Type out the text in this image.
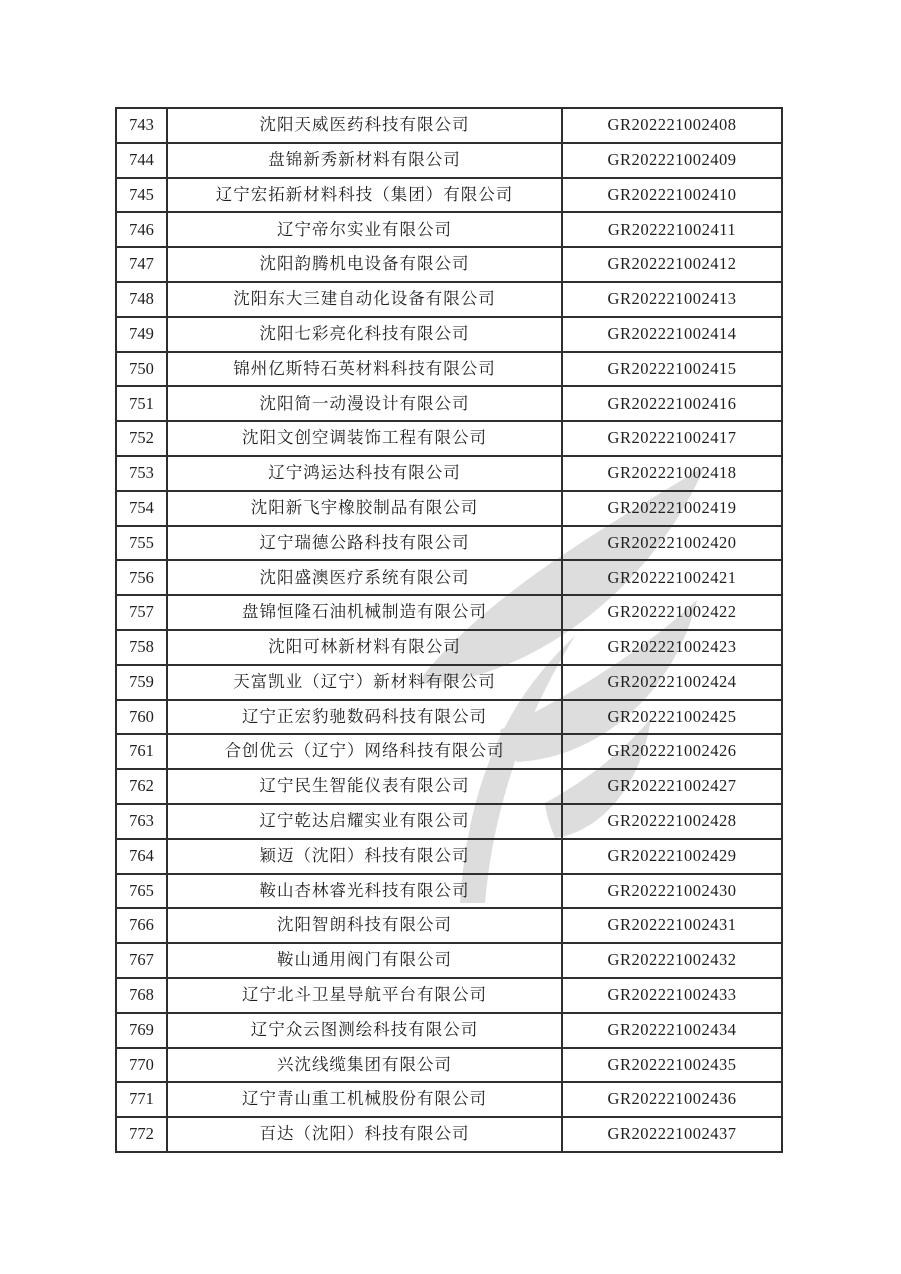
743	沈阳天威医药科技有限公司	GR202221002408
744	盘锦新秀新材料有限公司	GR202221002409
745	辽宁宏拓新材料科技（集团）有限公司	GR202221002410
746	辽宁帝尔实业有限公司	GR202221002411
747	沈阳韵腾机电设备有限公司	GR202221002412
748	沈阳东大三建自动化设备有限公司	GR202221002413
749	沈阳七彩亮化科技有限公司	GR202221002414
750	锦州亿斯特石英材料科技有限公司	GR202221002415
751	沈阳简一动漫设计有限公司	GR202221002416
752	沈阳文创空调装饰工程有限公司	GR202221002417
753	辽宁鸿运达科技有限公司	GR202221002418
754	沈阳新飞宇橡胶制品有限公司	GR202221002419
755	辽宁瑞德公路科技有限公司	GR202221002420
756	沈阳盛澳医疗系统有限公司	GR202221002421
757	盘锦恒隆石油机械制造有限公司	GR202221002422
758	沈阳可林新材料有限公司	GR202221002423
759	天富凯业（辽宁）新材料有限公司	GR202221002424
760	辽宁正宏豹驰数码科技有限公司	GR202221002425
761	合创优云（辽宁）网络科技有限公司	GR202221002426
762	辽宁民生智能仪表有限公司	GR202221002427
763	辽宁乾达启耀实业有限公司	GR202221002428
764	颖迈（沈阳）科技有限公司	GR202221002429
765	鞍山杏林睿光科技有限公司	GR202221002430
766	沈阳智朗科技有限公司	GR202221002431
767	鞍山通用阀门有限公司	GR202221002432
768	辽宁北斗卫星导航平台有限公司	GR202221002433
769	辽宁众云图测绘科技有限公司	GR202221002434
770	兴沈线缆集团有限公司	GR202221002435
771	辽宁青山重工机械股份有限公司	GR202221002436
772	百达（沈阳）科技有限公司	GR202221002437
